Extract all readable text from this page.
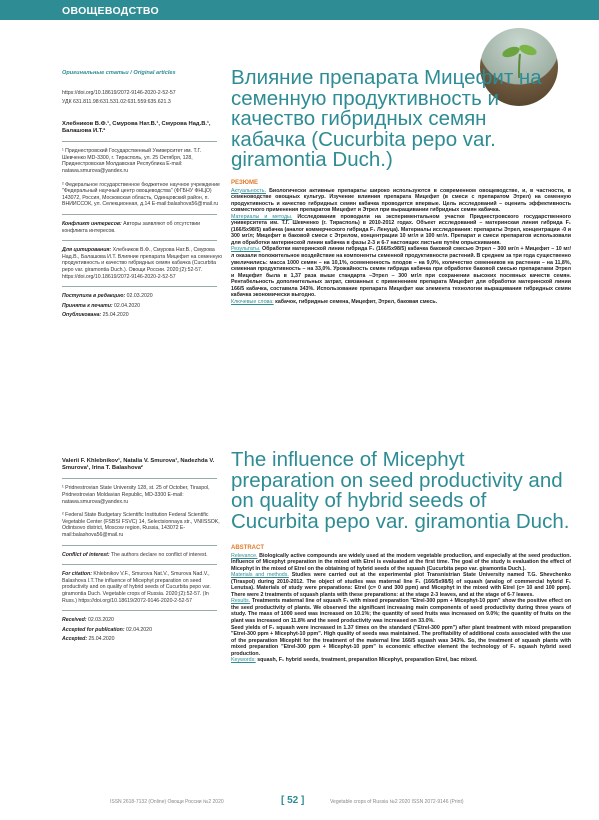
ОВОЩЕВОДСТВО

Оригинальные статьи / Original articles

https://doi.org/10.18619/2072-9146-2020-2-52-57

УДК 631.811.98:631.531.02:631.559:635.621.3

Хлебников В.Ф.¹, Смурова Нат.В.¹, Смурова Над.В.¹, Балашова И.Т.²

¹ Приднестровский Государственный Университет им. Т.Г. Шевченко MD-3300, г. Тирасполь, ул. 25 Октября, 128, Приднестровская Молдавская Республика E-mail: natawa.smurova@yandex.ru

² Федеральное государственное бюджетное научное учреждение "Федеральный научный центр овощеводства" (ФГБНУ ФНЦО) 143072, Россия, Московская область, Одинцовский район, п. ВНИИССОК, ул. Селекционная, д.14 E-mail:balashova56@mail.ru

Конфликт интересов: Авторы заявляют об отсутствии конфликта интересов.

Для цитирования: Хлебников В.Ф., Смурова Нат.В., Смурова Над.В., Балашова И.Т. Влияние препарата Мицефит на семенную продуктивность и качество гибридных семян кабачка (Cucurbita pepo var. giramontia Duch.). Овощи России. 2020;(2):52-57. https://doi.org/10.18619/2072-9146-2020-2-52-57

Поступила в редакцию: 02.03.2020

Принята к печати: 02.04.2020

Опубликована: 25.04.2020

Valerii F. Khlebnikov¹, Natalia V. Smurova¹, Nadezhda V. Smurova¹, Irina T. Balashova²

¹ Pridnestrovian State University 128, st. 25 of October, Tiraspol, Pridnestrovian Moldavian Republic, MD-3300 E-mail: natawa.smurova@yandex.ru

² Federal State Budgetary Scientific Institution Federal Scientific Vegetable Center (FSBSI FSVC) 14, Selectsionnaya str., VNIISSOK, Odintsovo district, Moscow region, Russia, 143072 E-mail:balashova56@mail.ru

Conflict of interest: The authors declare no conflict of interest.

For citation: Khlebnikov V.F., Smurova Nat.V., Smurova Nad.V., Balashova I.T.The influence of Micephyt preparation on seed productivity and on quality of hybrid seeds of Cucurbita pepo var. giramontia Duch. Vegetable crops of Russia. 2020;(2):52-57. (In Russ.) https://doi.org/10.18619/2072-9146-2020-2-52-57

Received: 02.03.2020

Accepted for publication: 02.04.2020

Accepted: 25.04.2020

Влияние препарата Мицефит на семенную продуктивность и качество гибридных семян кабачка (Cucurbita pepo var. giramontia Duch.)
РЕЗЮМЕ

Актуальность. Биологически активные препараты широко используются в современном овощеводстве, и, в частности, в семеноводстве овощных культур. Изучение влияния препарата Мицефит (в смеси с препаратом Этрел) на семенную продуктивность и качество гибридных семян кабачка проводится впервые. Цель исследований – оценить эффективность совместного применения препаратов Мицефит и Этрел при выращивании гибридных семян кабачка.

Материалы и методы. Исследования проводили на экспериментальном участке Приднестровского государственного университета им. Т.Г. Шевченко (г. Тирасполь) в 2010-2012 годах. Объект исследований – материнская линия гибрида F₁ (166/5х98/5) кабачка (аналог коммерческого гибрида F₁ Ленуца). Материалы исследования: препараты Этрел, концентрации -0 и 300 мг/л; Мицефит в баковой смеси с Этрелом, концентрации 10 мг/л и 100 мг/л. Препарат и смеси препаратов использовали для обработки материнской линии кабачка в фазы 2-3 и 6-7 настоящих листьев путём опрыскивания.

Результаты. Обработки материнской линии гибрида F₁ (166/5х98/5) кабачка баковой смесью Этрел – 300 мг/л + Мицефит – 10 мг/л оказали положительное воздействие на компоненты семенной продуктивности растений. В среднем за три года существенно увеличились: масса 1000 семян – на 10,1%, осемененность плодов – на 9,0%, количество семенников на растении – на 11,8%, семенная продуктивность – на 33,0%. Урожайность семян гибрида кабачка при обработке баковой смесью препаратами Этрел и Мицефит была в 1,37 раза выше стандарта –Этрел – 300 мг/л при сохранении высоких посевных качеств семян. Рентабельность дополнительных затрат, связанных с применением препарата Мицефит для обработки материнской линии 166/5 кабачка, составила 343%. Использование препарата Мицефит как элемента технологии выращивания гибридных семян кабачка экономически выгодно.

Ключевые слова: кабачок, гибридные семена, Мицефит, Этрел, баковая смесь.

The influence of Micephyt preparation on seed productivity and on quality of hybrid seeds of Cucurbita pepo var. giramontia Duch.
ABSTRACT

Relevance. Biologically active compounds are widely used at the modern vegetable production, and especially at the seed production. Influence of Micephyt preparation in the mixed with Etrel is evaluated at the first time. The goal of the study is evaluation the effect of Micephyt in the mixed of Etrel on the obtaining of hybrid seeds of the squash (Cucurbita pepo var. giramontia Duch.).

Materials and methods. Studies were carried out at the experimental plot Transnistrian State University named T.G. Shevchenko (Tiraspol) during 2010-2012. The object of studies was maternal line F₁ (166/5х98/5) of squash (analog of commercial hybrid F₁ Lenutsa). Materials of study were preparations: Etrel (c= 0 and 300 ppm) and Micephyt in the mixed with Etrel (c= 10 and 100 ppm). There were 2 treatments of squash plants with these preparations: at the stage 2-3 leaves, and at the stage of 6-7 leaves.

Results. Treatments maternal line of squash F₁ with mixed preparation "Etrel-300 ppm + Micephyt-10 ppm" show the positive effect on the seed productivity of plants. We observed the significant increasing main components of seed productivity during three years of study. The mass of 1000 seed was increased on 10.1%; the quantity of seed fruits was increased on 9.0%; the quantity of fruits on the plant was increased on 11.8% and the seed productivity was increased on 33.0%.

Seed yields of F₁ squash were increased in 1.37 times on the standard ("Etrel-300 ppm") after plant treatment with mixed preparation "Etrel-300 ppm + Micephyt-10 ppm". High quality of seeds was maintained. The profitability of additional costs associated with the use of the preparation Micephit for the treatment of the maternal line 166/5 squash was 343%. So, the treatment of squash plants with mixed preparation "Etrel-300 ppm + Micephyt-10 ppm" is economic effective element the technology of F₁ squash hybrid seed production.

Keywords: squash, F₁ hybrid seeds, treatment, preparation Micephyt, preparation Etrel, bac mixed.

ISSN 2618-7132 (Online) Овощи России №2 2020	[ 52 ]	Vegetable crops of Russia №2 2020 ISSN 2072-9146 (Print)
